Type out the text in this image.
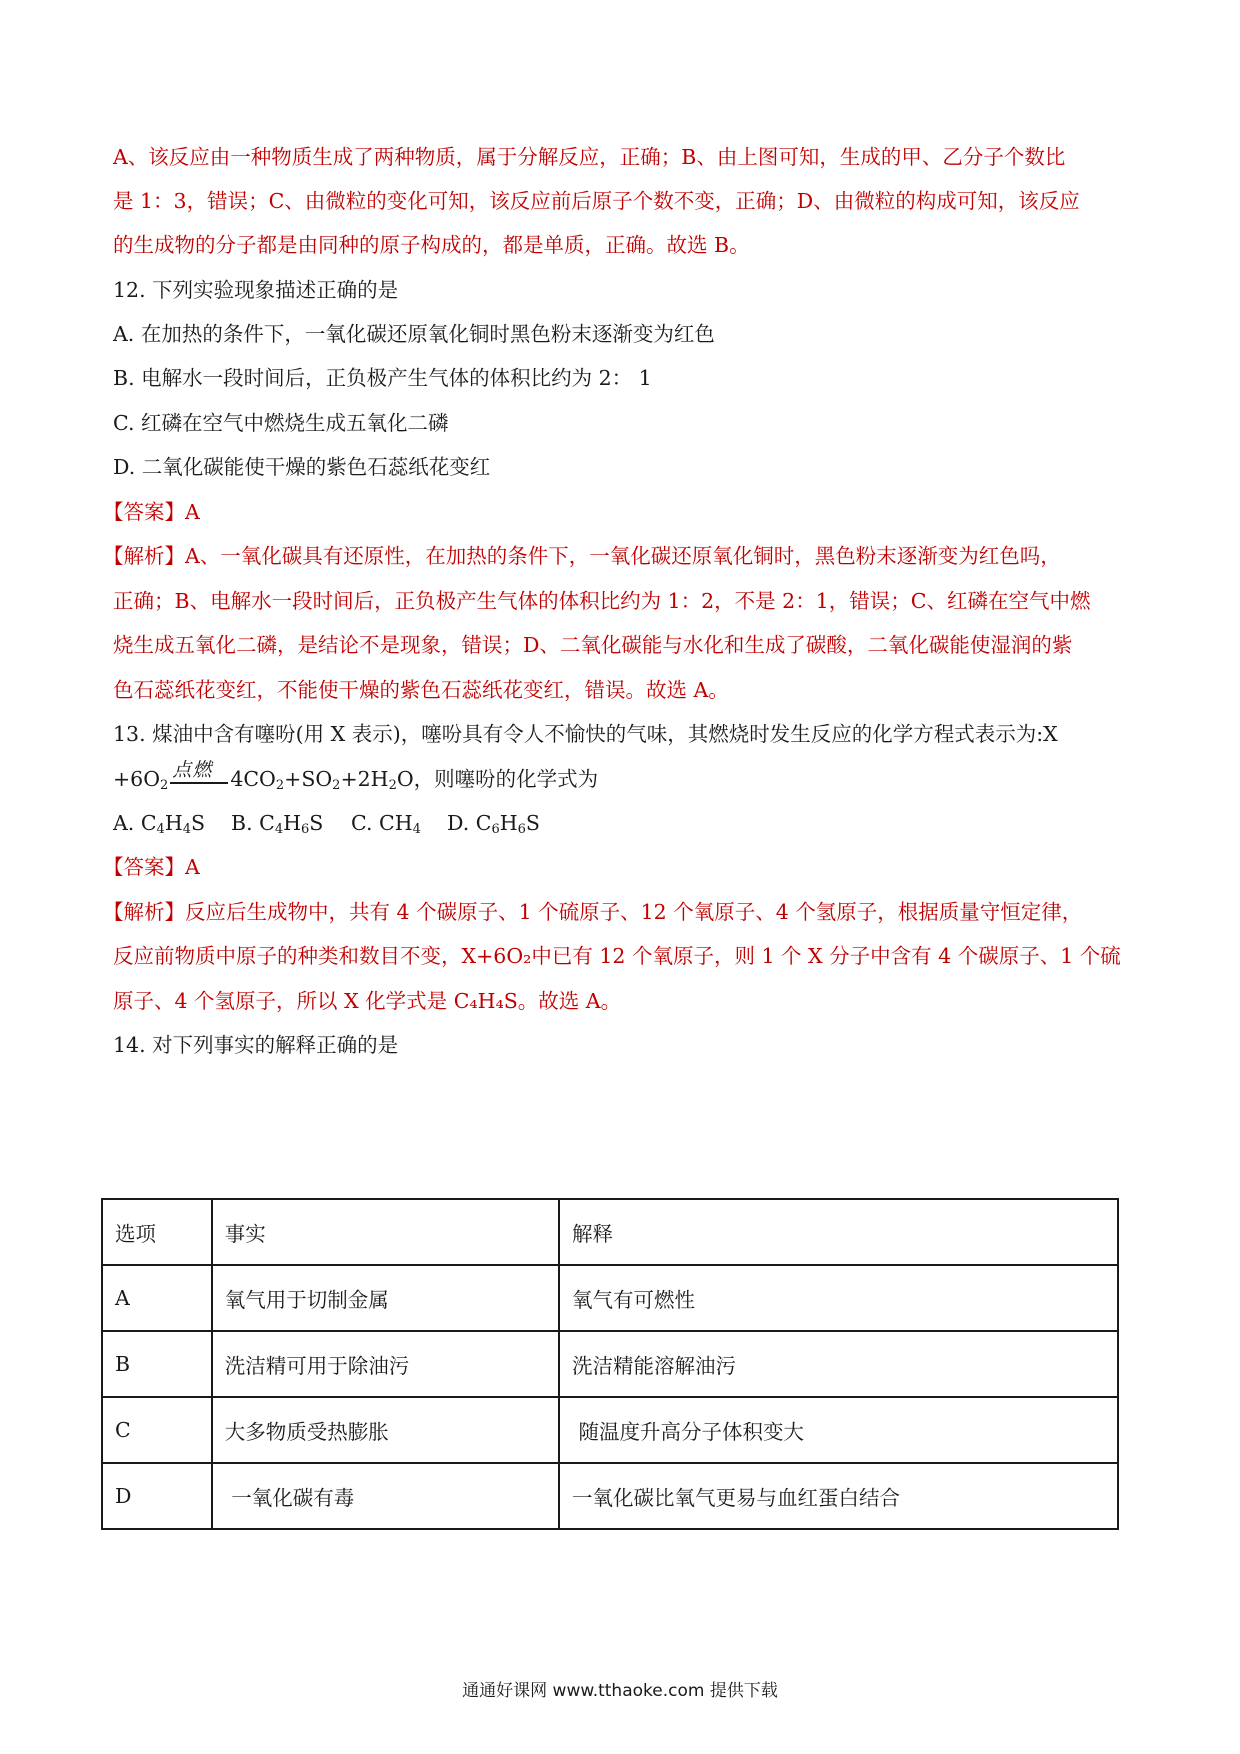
A、该反应由一种物质生成了两种物质，属于分解反应，正确；B、由上图可知，生成的甲、乙分子个数比
是 1：3，错误；C、由微粒的变化可知，该反应前后原子个数不变，正确；D、由微粒的构成可知，该反应
的生成物的分子都是由同种的原子构成的，都是单质，正确。故选 B。
12. 下列实验现象描述正确的是
A. 在加热的条件下，一氧化碳还原氧化铜时黑色粉末逐渐变为红色
B. 电解水一段时间后，正负极产生气体的体积比约为 2： 1
C. 红磷在空气中燃烧生成五氧化二磷
D. 二氧化碳能使干燥的紫色石蕊纸花变红
【答案】A
【解析】A、一氧化碳具有还原性，在加热的条件下，一氧化碳还原氧化铜时，黑色粉末逐渐变为红色吗，
正确；B、电解水一段时间后，正负极产生气体的体积比约为 1：2，不是 2：1，错误；C、红磷在空气中燃
烧生成五氧化二磷，是结论不是现象，错误；D、二氧化碳能与水化和生成了碳酸，二氧化碳能使湿润的紫
色石蕊纸花变红，不能使干燥的紫色石蕊纸花变红，错误。故选 A。
13. 煤油中含有噻吩(用 X 表示)，噻吩具有令人不愉快的气味，其燃烧时发生反应的化学方程式表示为:X
$+6O_2$
点燃 $4CO_2+SO_2+2H_2O$，则噻吩的化学式为
A. $C_4H_4S$ B. $C_4H_6S$ C. $CH_4$ D. $C_6H_6S$
【答案】A
【解析】反应后生成物中，共有 4 个碳原子、1 个硫原子、12 个氧原子、4 个氢原子，根据质量守恒定律，
反应前物质中原子的种类和数目不变，X+6O₂中已有 12 个氧原子，则 1 个 X 分子中含有 4 个碳原子、1 个硫
原子、4 个氢原子，所以 X 化学式是 C₄H₄S。故选 A。
14. 对下列事实的解释正确的是
选项	事实	解释
A	氧气用于切制金属	氧气有可燃性
B	洗洁精可用于除油污	洗洁精能溶解油污
C	大多物质受热膨胀	随温度升高分子体积变大
D	一氧化碳有毒	一氧化碳比氧气更易与血红蛋白结合
通通好课网 www.tthaoke.com 提供下载
